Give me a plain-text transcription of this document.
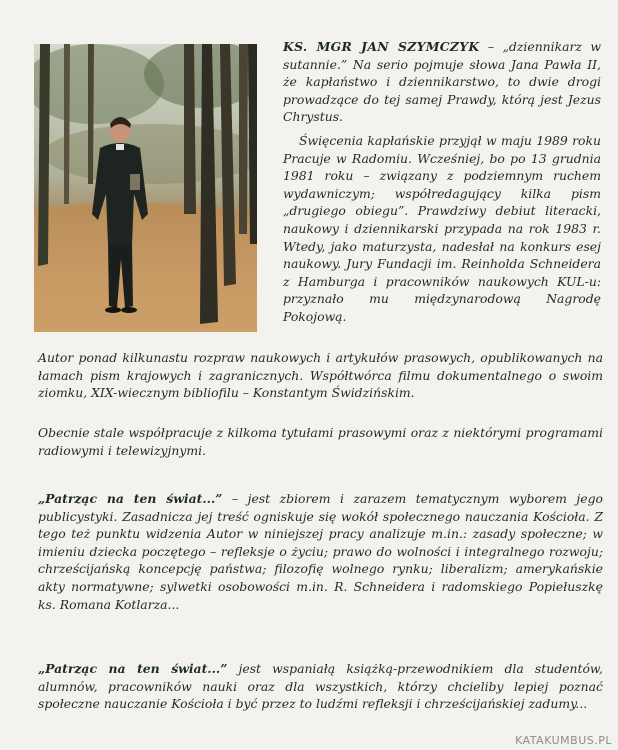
KS. MGR JAN SZYMCZYK – „dziennikarz w sutannie.” Na serio pojmuje słowa Jana Pawła II, że kapłaństwo i dziennikarstwo, to dwie drogi prowadzące do tej samej Prawdy, którą jest Jezus Chrystus.

Święcenia kapłańskie przyjął w maju 1989 roku Pracuje w Radomiu. Wcześniej, bo po 13 grudnia 1981 roku – związany z podziemnym ruchem wydawniczym; współredagujący kilka pism „drugiego obiegu”. Prawdziwy debiut literacki, naukowy i dziennikarski przypada na rok 1983 r. Wtedy, jako maturzysta, nadesłał na konkurs esej naukowy. Jury Fundacji im. Reinholda Schneidera z Hamburga i pracowników naukowych KUL-u: przyznało mu międzynarodową Nagrodę Pokojową.

Autor ponad kilkunastu rozpraw naukowych i artykułów prasowych, opublikowanych na łamach pism krajowych i zagranicznych. Współtwórca filmu dokumentalnego o swoim ziomku, XIX-wiecznym bibliofilu – Konstantym Świdzińskim.

Obecnie stale współpracuje z kilkoma tytułami prasowymi oraz z niektórymi programami radiowymi i telewizyjnymi.

„Patrząc na ten świat...” – jest zbiorem i zarazem tematycznym wyborem jego publicystyki. Zasadnicza jej treść ogniskuje się wokół społecznego nauczania Kościoła. Z tego też punktu widzenia Autor w niniejszej pracy analizuje m.in.: zasady społeczne; w imieniu dziecka poczętego – refleksje o życiu; prawo do wolności i integralnego rozwoju; chrześcijańską koncepcję państwa; filozofię wolnego rynku; liberalizm; amerykańskie akty normatywne; sylwetki osobowości m.in. R. Schneidera i radomskiego Popiełuszkę ks. Romana Kotlarza...

„Patrząc na ten świat...” jest wspaniałą książką-przewodnikiem dla studentów, alumnów, pracowników nauki oraz dla wszystkich, którzy chcieliby lepiej poznać społeczne nauczanie Kościoła i być przez to ludźmi refleksji i chrześcijańskiej zadumy...

KATAKUMBUS.PL
